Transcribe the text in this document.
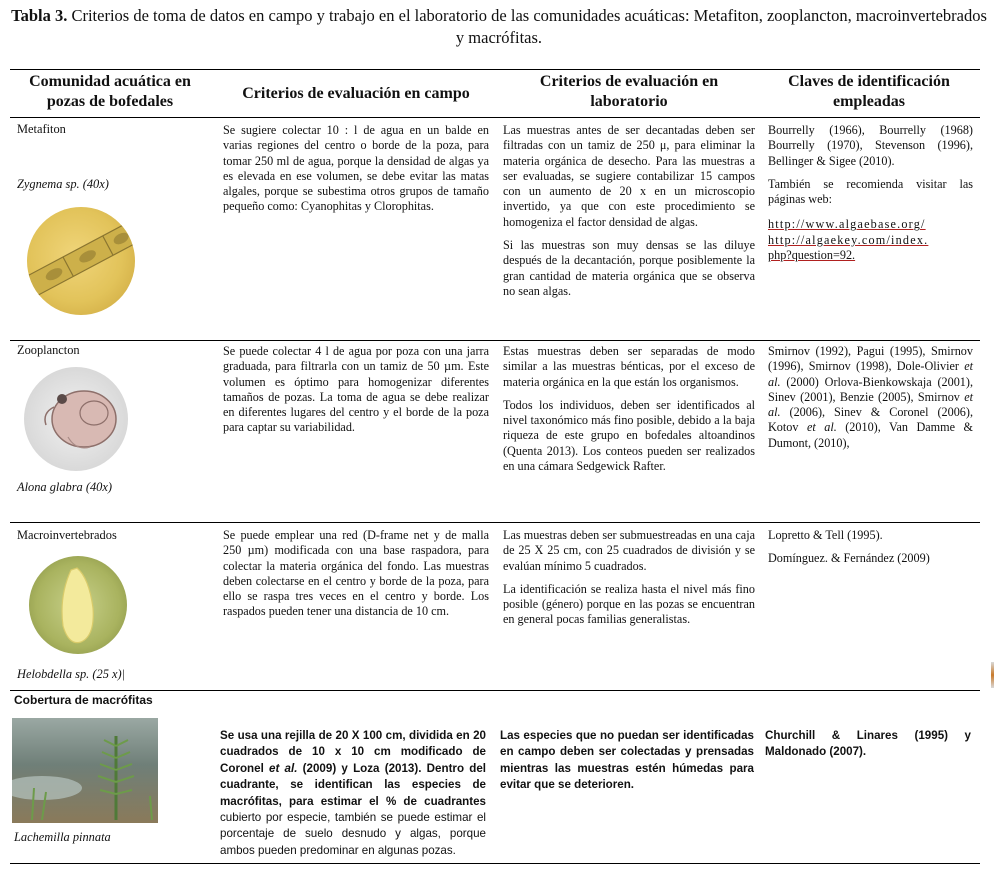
Tabla 3. Criterios de toma de datos en campo y trabajo en el laboratorio de las comunidades acuáticas: Metafiton, zooplancton, macroinvertebrados y macrófitas.
Comunidad acuática en pozas de bofedales	Criterios de evaluación en campo
Criterios de evaluación en laboratorio
Claves de identificación empleadas
Metafiton
Zygnema sp. (40x)
Se sugiere colectar 10 : l de agua en un balde en varias regiones del centro o borde de la poza, para tomar 250 ml de agua, porque la densidad de algas ya es elevada en ese volumen, se debe evitar las matas algales, porque se subestima otros grupos de tamaño pequeño como: Cyanophitas y Clorophitas.

Las muestras antes de ser decantadas deben ser filtradas con un tamiz de 250 μ, para eliminar la materia orgánica de desecho. Para las muestras a ser evaluadas, se sugiere contabilizar 15 campos con un aumento de 20 x en un microscopio invertido, ya que con este procedimiento se homogeniza el factor densidad de algas.

Si las muestras son muy densas se las diluye después de la decantación, porque posiblemente la gran cantidad de materia orgánica que se observa no sean algas.

Bourrelly (1966), Bourrelly (1968) Bourrelly (1970), Stevenson (1996), Bellinger & Sigee (2010).

También se recomienda visitar las páginas web:

http://www.algaebase.org/
http://algaekey.com/index.
php?question=92.
Zooplancton
Alona glabra (40x)
Se puede colectar 4 l de agua por poza con una jarra graduada, para filtrarla con un tamiz de 50 µm. Este volumen es óptimo para homogenizar diferentes tamaños de pozas. La toma de agua se debe realizar en diferentes lugares del centro y el borde de la poza para captar su variabilidad.

Estas muestras deben ser separadas de modo similar a las muestras bénticas, por el exceso de materia orgánica en la que están los organismos.

Todos los individuos, deben ser identificados al nivel taxonómico más fino posible, debido a la baja riqueza de este grupo en bofedales altoandinos (Quenta 2013). Los conteos pueden ser realizados en una cámara Sedgewick Rafter.

Smirnov (1992), Pagui (1995), Smirnov (1996), Smirnov (1998), Dole-Olivier et al. (2000) Orlova-Bienkowskaja (2001), Sinev (2001), Benzie (2005), Smirnov et al. (2006), Sinev & Coronel (2006), Kotov et al. (2010), Van Damme & Dumont, (2010),
Macroinvertebrados
Helobdella sp. (25 x)|
Se puede emplear una red (D-frame net y de malla 250 µm) modificada con una base raspadora, para colectar la materia orgánica del fondo. Las muestras deben colectarse en el centro y borde de la poza, para ello se raspa tres veces en el centro y borde. Los raspados pueden tener una distancia de 10 cm.

Las muestras deben ser submuestreadas en una caja de 25 X 25 cm, con 25 cuadrados de división y se evalúan mínimo 5 cuadrados.

La identificación se realiza hasta el nivel más fino posible (género) porque en las pozas se encuentran en general pocas familias generalistas.

Lopretto & Tell (1995).

Domínguez. & Fernández (2009)

Cobertura de macrófitas
Lachemilla pinnata
Se usa una rejilla de 20 X 100 cm, dividida en 20 cuadrados de 10 x 10 cm modificado de Coronel et al. (2009) y Loza (2013). Dentro del cuadrante, se identifican las especies de macrófitas, para estimar el % de cuadrantes cubierto por especie, también se puede estimar el porcentaje de suelo desnudo y algas, porque ambos pueden predominar en algunas pozas.
Las especies que no puedan ser identificadas en campo deben ser colectadas y prensadas mientras las muestras estén húmedas para evitar que se deterioren.
Churchill & Linares (1995) y Maldonado (2007).
